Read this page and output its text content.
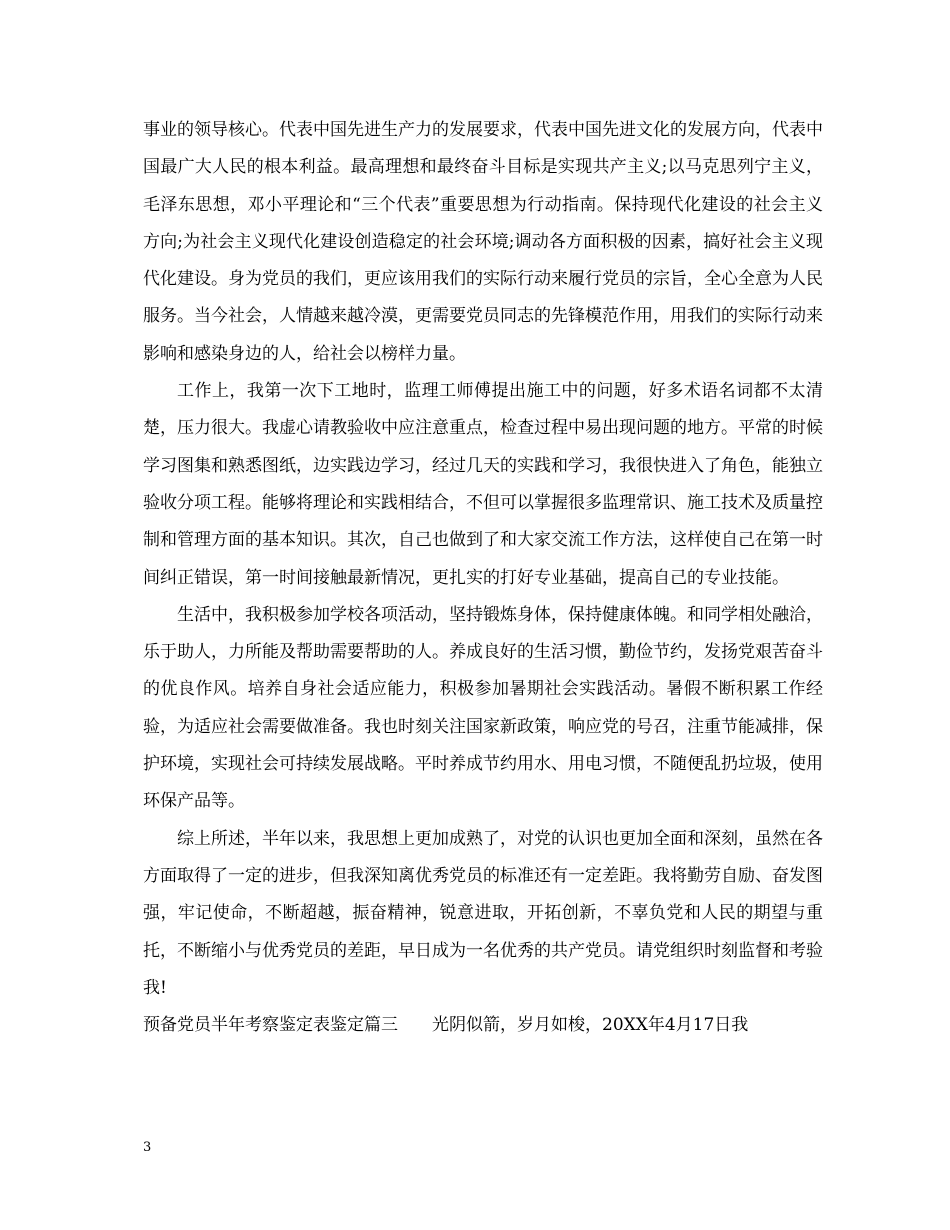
事业的领导核心。代表中国先进生产力的发展要求，代表中国先进文化的发展方向，代表中国最广大人民的根本利益。最高理想和最终奋斗目标是实现共产主义;以马克思列宁主义，毛泽东思想，邓小平理论和“三个代表”重要思想为行动指南。保持现代化建设的社会主义方向;为社会主义现代化建设创造稳定的社会环境;调动各方面积极的因素，搞好社会主义现代化建设。身为党员的我们，更应该用我们的实际行动来履行党员的宗旨，全心全意为人民服务。当今社会，人情越来越冷漠，更需要党员同志的先锋模范作用，用我们的实际行动来影响和感染身边的人，给社会以榜样力量。

工作上，我第一次下工地时，监理工师傅提出施工中的问题，好多术语名词都不太清楚，压力很大。我虚心请教验收中应注意重点，检查过程中易出现问题的地方。平常的时候学习图集和熟悉图纸，边实践边学习，经过几天的实践和学习，我很快进入了角色，能独立验收分项工程。能够将理论和实践相结合，不但可以掌握很多监理常识、施工技术及质量控制和管理方面的基本知识。其次，自己也做到了和大家交流工作方法，这样使自己在第一时间纠正错误，第一时间接触最新情况，更扎实的打好专业基础，提高自己的专业技能。

生活中，我积极参加学校各项活动，坚持锻炼身体，保持健康体魄。和同学相处融洽，乐于助人，力所能及帮助需要帮助的人。养成良好的生活习惯，勤俭节约，发扬党艰苦奋斗的优良作风。培养自身社会适应能力，积极参加暑期社会实践活动。暑假不断积累工作经验，为适应社会需要做准备。我也时刻关注国家新政策，响应党的号召，注重节能减排，保护环境，实现社会可持续发展战略。平时养成节约用水、用电习惯，不随便乱扔垃圾，使用环保产品等。

综上所述，半年以来，我思想上更加成熟了，对党的认识也更加全面和深刻，虽然在各方面取得了一定的进步，但我深知离优秀党员的标准还有一定差距。我将勤劳自励、奋发图强，牢记使命，不断超越，振奋精神，锐意进取，开拓创新，不辜负党和人民的期望与重托，不断缩小与优秀党员的差距，早日成为一名优秀的共产党员。请党组织时刻监督和考验我!

预备党员半年考察鉴定表鉴定篇三 光阴似箭，岁月如梭，20XX年4月17日我

3
